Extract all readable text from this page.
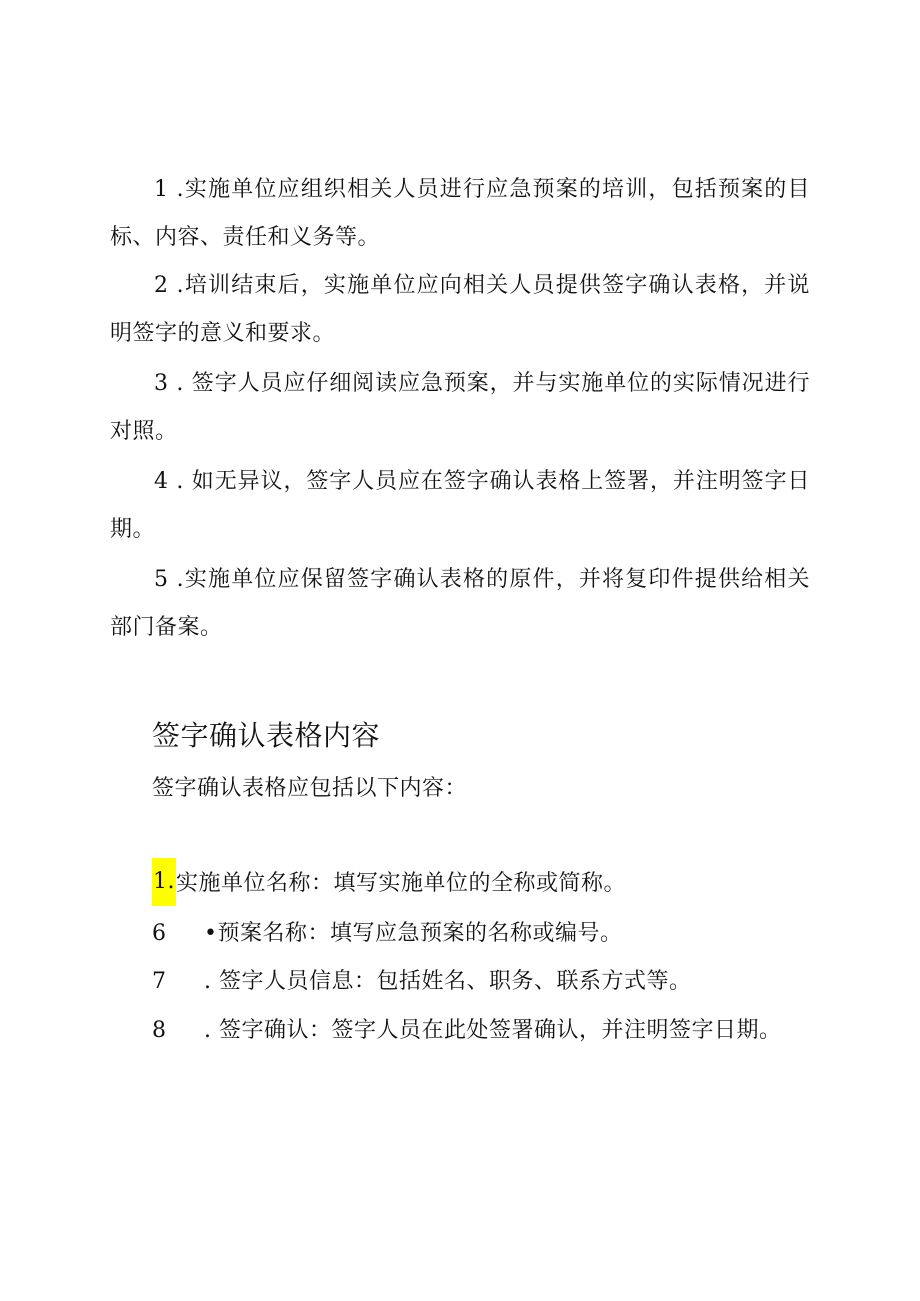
1 .实施单位应组织相关人员进行应急预案的培训，包括预案的目标、内容、责任和义务等。

2 .培训结束后，实施单位应向相关人员提供签字确认表格，并说明签字的意义和要求。

3 . 签字人员应仔细阅读应急预案，并与实施单位的实际情况进行对照。

4 . 如无异议，签字人员应在签字确认表格上签署，并注明签字日期。

5 .实施单位应保留签字确认表格的原件，并将复印件提供给相关部门备案。

签字确认表格内容

签字确认表格应包括以下内容：

1.实施单位名称：填写实施单位的全称或简称。

6 •预案名称：填写应急预案的名称或编号。

7 . 签字人员信息：包括姓名、职务、联系方式等。

8 . 签字确认：签字人员在此处签署确认，并注明签字日期。
